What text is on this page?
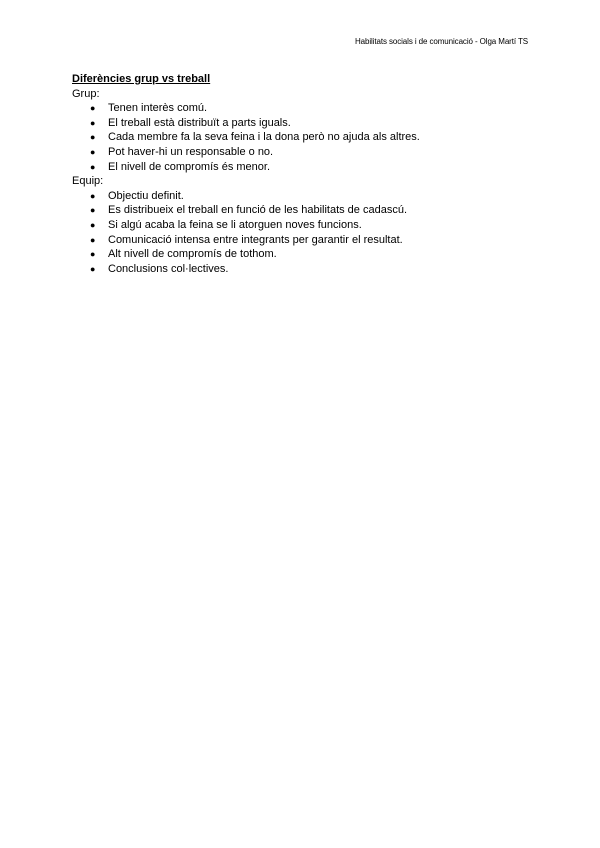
Habilitats socials i de comunicació - Olga Martí TS

Diferències grup vs treball

Grup:

● Tenen interès comú.
● El treball està distribuït a parts iguals.
● Cada membre fa la seva feina i la dona però no ajuda als altres.
● Pot haver-hi un responsable o no.
● El nivell de compromís és menor.

Equip:

● Objectiu definit.
● Es distribueix el treball en funció de les habilitats de cadascú.
● Si algú acaba la feina se li atorguen noves funcions.
● Comunicació intensa entre integrants per garantir el resultat.
● Alt nivell de compromís de tothom.
● Conclusions col·lectives.
